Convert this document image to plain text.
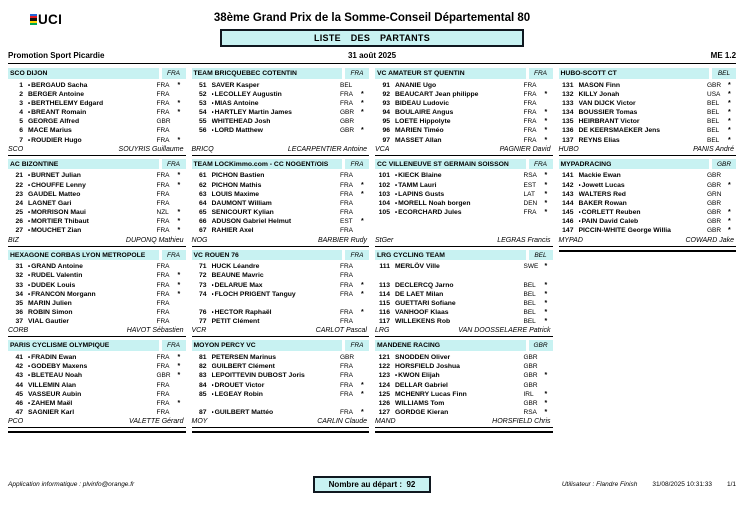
UCI	38ème Grand Prix de la Somme-Conseil Départemental 80
LISTE DES PARTANTS
Promotion Sport Picardie	31 août 2025	ME 1.2
SCO DIJON	FRA
1 •BERGAUD Sacha	FRA	*
2 BERGER Antoine	FRA
3 •BERTHELEMY Edgard	FRA	*
4 •BREANT Romain	FRA	*
5 GEORGE Alfred	GBR
6 MACE Marius	FRA
7 •ROUDIER Hugo	FRA	*
SCO	SOUYRIS Guillaume
AC BIZONTINE	FRA
21 •BURNET Julian	FRA	*
22 •CHOUFFE Lenny	FRA	*
23 GAUDEL Matteo	FRA
24 LAGNET Gari	FRA
25 •MORRISON Maui	NZL	*
26 •MORTIER Thibaut	FRA	*
27 •MOUCHET Zian	FRA	*
BIZ	DUPONQ Mathieu
HEXAGONE CORBAS LYON METROPOLE	FRA
31 •GRAND Antoine	FRA
32 •RUDEL Valentin	FRA	*
33 •DUDEK Louis	FRA	*
34 •FRANCON Morgann	FRA	*
35 MARIN Julien	FRA
36 ROBIN Simon	FRA
37 VIAL Gautier	FRA
CORB	HAVOT Sébastien
PARIS CYCLISME OLYMPIQUE	FRA
41 •FRADIN Ewan	FRA	*
42 •GODEBY Maxens	FRA	*
43 •BLETEAU Noah	GBR *
44 VILLEMIN Alan	FRA
45 VASSEUR Aubin	FRA
46 •ZAHEM Maël	FRA	*
47 SAGNIER Karl	FRA
PCO	VALETTE Gérard
TEAM BRICQUEBEC COTENTIN	FRA
51 SAVER Kasper	BEL
52 •LECOLLEY Augustin	FRA	*
53 •MIAS Antoine	FRA	*
54 •HARTLEY Martin James	GBR *
55 WHITEHEAD Josh	GBR
56 •LORD Matthew	GBR *
BRICQ	LECARPENTIER Antoine
TEAM LOCKimmo.com - CC NOGENT/OIS	FRA
61 PICHON Bastien	FRA
62 PICHON Mathis	FRA	*
63 LOUIS Maxime	FRA	*
64 DAUMONT William	FRA
65 SENICOURT Kylian	FRA
66 ADUSON Gabriel Helmut	EST	*
67 RAHIER Axel	FRA
NOG	BARBIER Rudy
VC ROUEN 76	FRA
71 HUCK Léandre	FRA
72 BEAUNE Mavric	FRA
73 •DELARUE Max	FRA	*
74 •FLOCH PRIGENT Tanguy	FRA	*
76 •HECTOR Raphaël	FRA	*
77 PETIT Clément	FRA
VCR	CARLOT Pascal
MOYON PERCY VC	FRA
81 PETERSEN Marinus	GBR
82 GUILBERT Clément	FRA
83 LEPOITTEVIN DUBOST Joris	FRA
84 •DROUET Victor	FRA	*
85 •LEGEAY Robin	FRA	*
87 •GUILBERT Mattéo	FRA	*
MOY	CARLIN Claude
VC AMATEUR ST QUENTIN	FRA
91 ANANIE Ugo	FRA
92 BEAUCART Jean philippe	FRA	*
93 BIDEAU Ludovic	FRA
94 BOULAIRE Angus	FRA	*
95 LOETE Hippolyte	FRA	*
96 MARIEN Timéo	FRA	*
97 MASSET Allan	FRA	*
VCA	PAGNIER David
CC VILLENEUVE ST GERMAIN SOISSON	FRA
101 •KIECK Blaine	RSA	*
102 •TAMM Lauri	EST	*
103 •LAPINS Gusts	LAT	*
104 •MORELL Noah borgen	DEN	*
105 •ECORCHARD Jules	FRA	*
StGer	LEGRAS Francis
LRG CYCLING TEAM	BEL
111 MERLÖV Ville	SWE *
113 DECLERCQ Jarno	BEL	*
114 DE LAET Milan	BEL	*
115 GUETTARI Sofiane	BEL	*
116 VANHOOF Klaas	BEL	*
117 WILLEKENS Rob	BEL	*
LRG	VAN DOOSSELAERE Patrick
MANDENE RACING	GBR
121 SNODDEN Oliver	GBR
122 HORSFIELD Joshua	GBR
123 •KWON Elijah	GBR *
124 DELLAR Gabriel	GBR
125 MCHENRY Lucas Finn	IRL	*
126 WILLIAMS Tom	GBR *
127 GORDGE Kieran	RSA	*
MAND	HORSFIELD Chris
HUBO-SCOTT CT	BEL
131 MASON Finn	GBR *
132 KILLY Jonah	USA	*
133 VAN DIJCK Victor	BEL	*
134 BOUSSIER Tomas	BEL	*
135 HEIRBRANT Victor	BEL	*
136 DE KEERSMAEKER Jens	BEL	*
137 REYNS Elias	BEL	*
HUBO	PANIS André
MYPADRACING	GBR
141 Mackie Ewan	GBR
142 •Jowett Lucas	GBR *
143 WALTERS Red	GRN
144 BAKER Rowan	GBR
145 •CORLETT Reuben	GBR *
146 •PAIN David Caleb	GBR *
147 PICCIN-WHITE George Willia	GBR *
MYPAD	COWARD Jake
Application informatique : plvinfo@orange.fr	Nombre au départ : 92	Utilisateur : Flandre Finish 31/08/2025 10:31:33 1/1
